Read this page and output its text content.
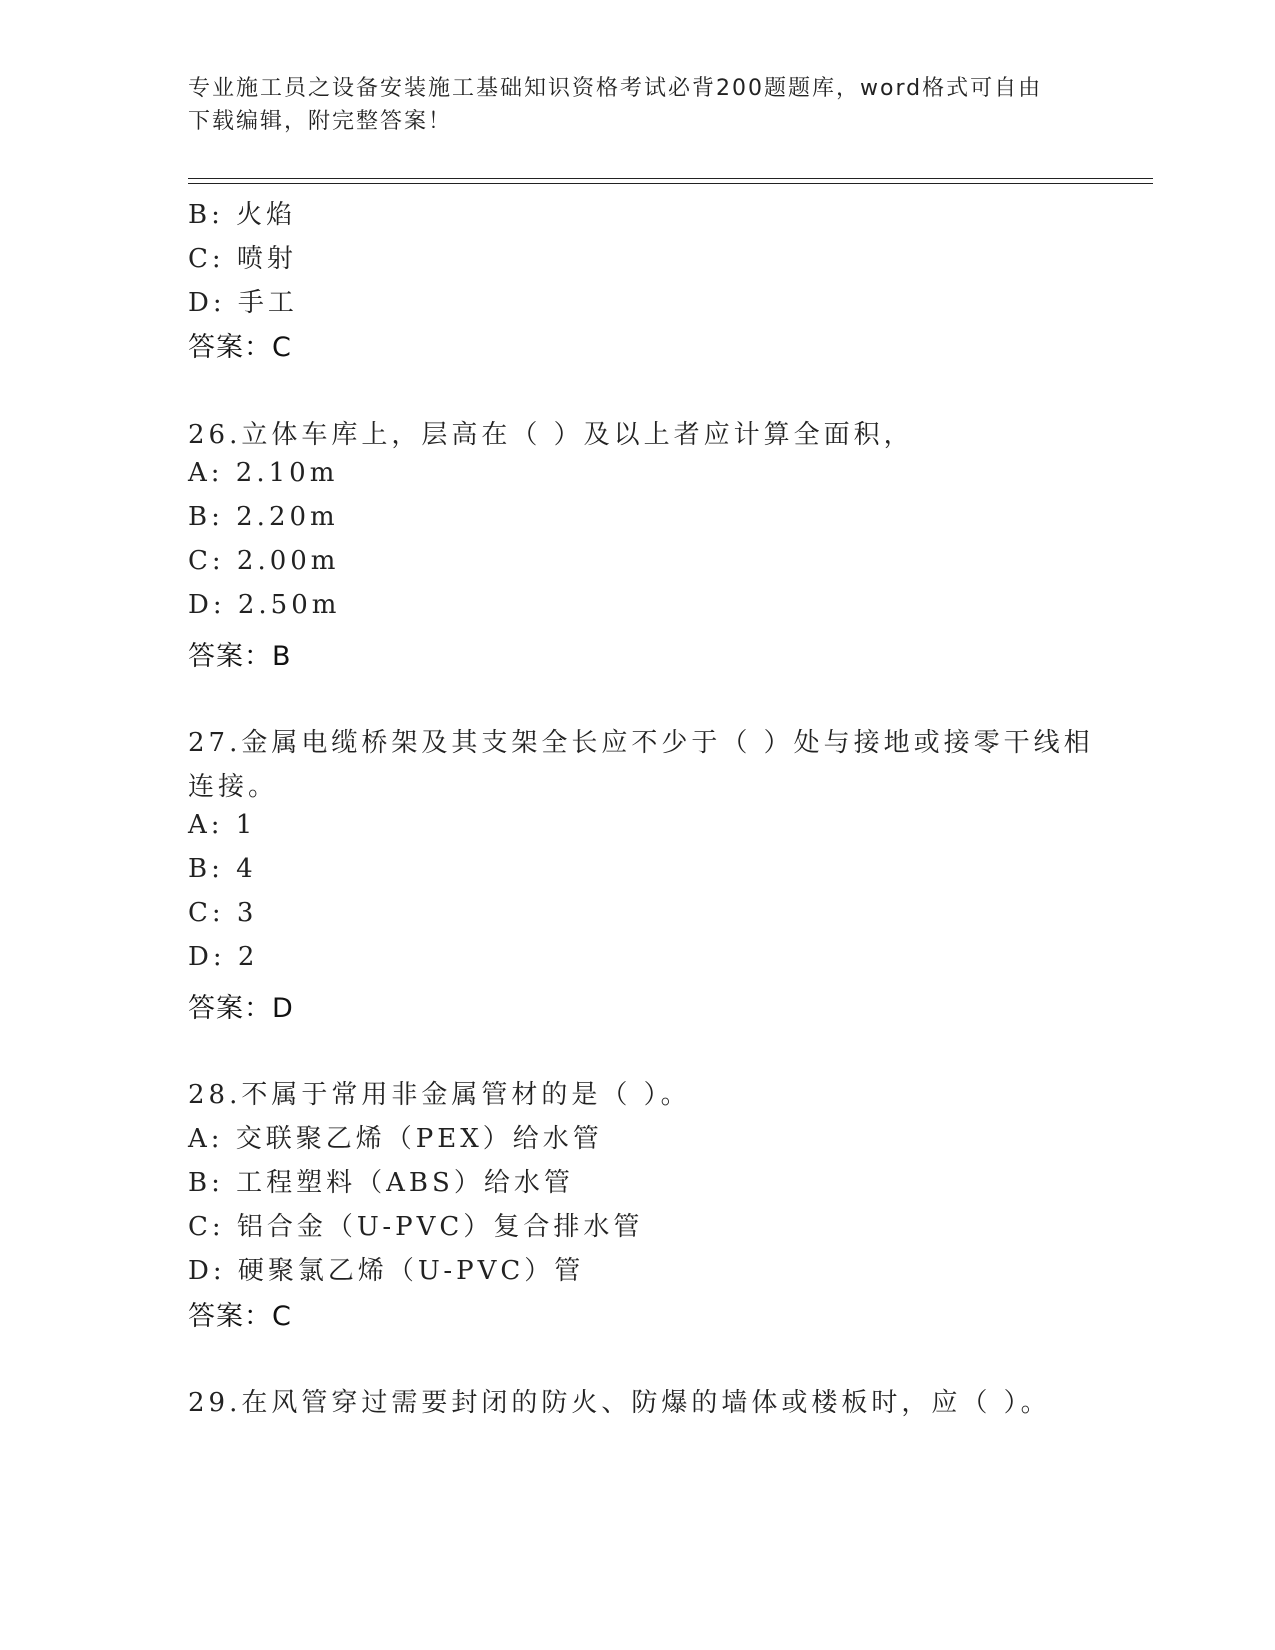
专业施工员之设备安装施工基础知识资格考试必背200题题库，word格式可自由
下载编辑，附完整答案！
B: 火焰
C: 喷射
D: 手工
答案：C
26.立体车库上，层高在（ ）及以上者应计算全面积，
A: 2.10m
B: 2.20m
C: 2.00m
D: 2.50m
答案：B
27.金属电缆桥架及其支架全长应不少于（ ）处与接地或接零干线相
连接。
A: 1
B: 4
C: 3
D: 2
答案：D
28.不属于常用非金属管材的是（ ）。
A: 交联聚乙烯（PEX）给水管
B: 工程塑料（ABS）给水管
C: 铝合金（U-PVC）复合排水管
D: 硬聚氯乙烯（U-PVC）管
答案：C
29.在风管穿过需要封闭的防火、防爆的墙体或楼板时，应（ ）。
